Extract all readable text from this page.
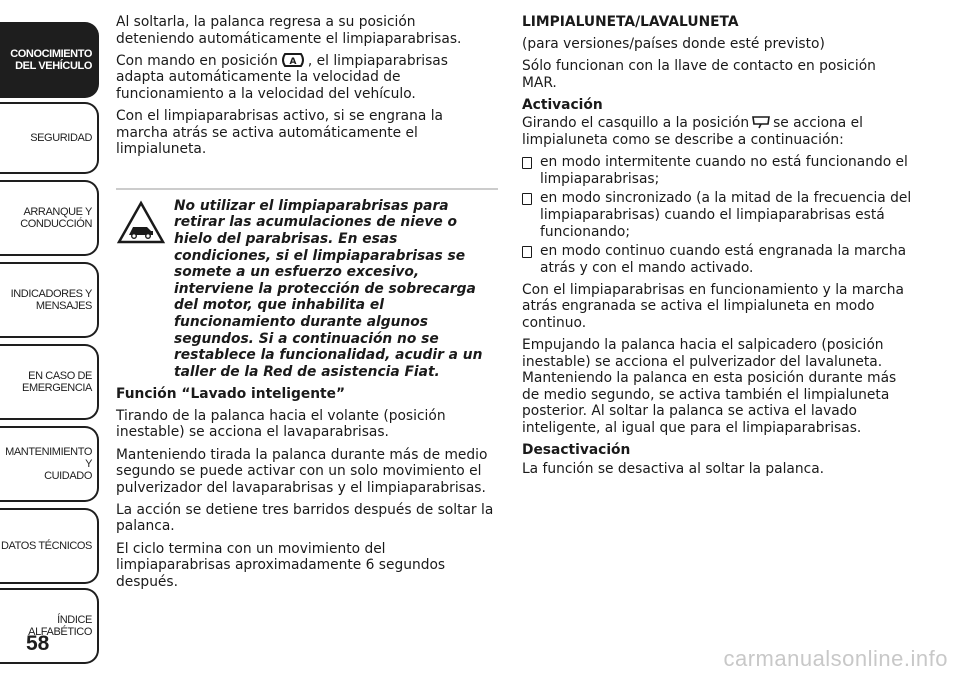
CONOCIMIENTO
DEL VEHÍCULO
SEGURIDAD
ARRANQUE Y
CONDUCCIÓN
INDICADORES Y
MENSAJES
EN CASO DE
EMERGENCIA
MANTENIMIENTO Y
CUIDADO
DATOS TÉCNICOS
ÍNDICE ALFABÉTICO
58

Al soltarla, la palanca regresa a su posición deteniendo automáticamente el limpiaparabrisas.

Con mando en posición A , el limpiaparabrisas adapta automáticamente la velocidad de funcionamiento a la velocidad del vehículo.

Con el limpiaparabrisas activo, si se engrana la marcha atrás se activa automáticamente el limpialuneta.

No utilizar el limpiaparabrisas para retirar las acumulaciones de nieve o hielo del parabrisas. En esas condiciones, si el limpiaparabrisas se somete a un esfuerzo excesivo, interviene la protección de sobrecarga del motor, que inhabilita el funcionamiento durante algunos segundos. Si a continuación no se restablece la funcionalidad, acudir a un taller de la Red de asistencia Fiat.

Función “Lavado inteligente”

Tirando de la palanca hacia el volante (posición inestable) se acciona el lavaparabrisas.

Manteniendo tirada la palanca durante más de medio segundo se puede activar con un solo movimiento el pulverizador del lavaparabrisas y el limpiaparabrisas.

La acción se detiene tres barridos después de soltar la palanca.

El ciclo termina con un movimiento del limpiaparabrisas aproximadamente 6 segundos después.

LIMPIALUNETA/LAVALUNETA

(para versiones/países donde esté previsto)

Sólo funcionan con la llave de contacto en posición MAR.

Activación

Girando el casquillo a la posición se acciona el limpialuneta como se describe a continuación:

en modo intermitente cuando no está funcionando el limpiaparabrisas;
en modo sincronizado (a la mitad de la frecuencia del limpiaparabrisas) cuando el limpiaparabrisas está funcionando;
en modo continuo cuando está engranada la marcha atrás y con el mando activado.

Con el limpiaparabrisas en funcionamiento y la marcha atrás engranada se activa el limpialuneta en modo continuo.

Empujando la palanca hacia el salpicadero (posición inestable) se acciona el pulverizador del lavaluneta. Manteniendo la palanca en esta posición durante más de medio segundo, se activa también el limpialuneta posterior. Al soltar la palanca se activa el lavado inteligente, al igual que para el limpiaparabrisas.

Desactivación

La función se desactiva al soltar la palanca.

carmanualsonline.info
